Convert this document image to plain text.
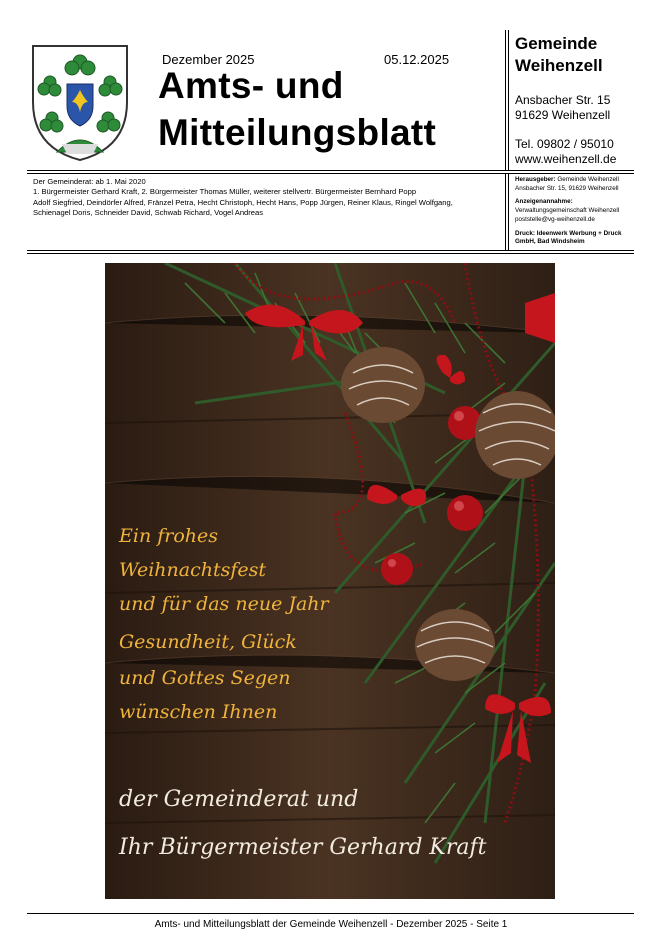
Dezember 2025	05.12.2025
Amts- und
Mitteilungsblatt
Gemeinde
Weihenzell
Ansbacher Str. 15
91629 Weihenzell
Tel. 09802 / 95010
www.weihenzell.de
Der Gemeinderat: ab 1. Mai 2020
1. Bürgermeister Gerhard Kraft, 2. Bürgermeister Thomas Müller, weiterer stellvertr. Bürgermeister Bernhard Popp
Adolf Siegfried, Deindörfer Alfred, Fränzel Petra, Hecht Christoph, Hecht Hans, Popp Jürgen, Reiner Klaus, Ringel Wolfgang,
Schienagel Doris, Schneider David, Schwab Richard, Vogel Andreas
Herausgeber: Gemeinde Weihenzell
Ansbacher Str. 15, 91629 Weihenzell
Anzeigenannahme:
Verwaltungsgemeinschaft Weihenzell
poststelle@vg-weihenzell.de
Druck: Ideenwerk Werbung + Druck
GmbH, Bad Windsheim
Ein frohes
Weihnachtsfest
und für das neue Jahr
Gesundheit, Glück
und Gottes Segen
wünschen Ihnen
der Gemeinderat und
Ihr Bürgermeister Gerhard Kraft
Amts- und Mitteilungsblatt der Gemeinde Weihenzell - Dezember 2025 - Seite 1
